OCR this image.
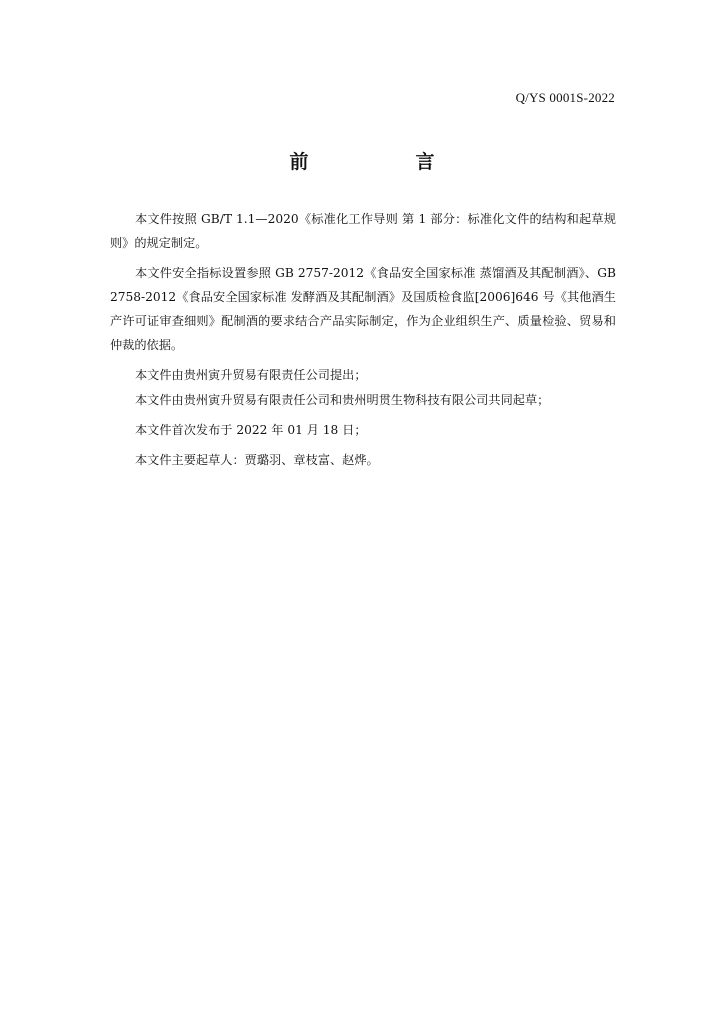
Q/YS 0001S-2022
前　言

本文件按照 GB/T 1.1—2020《标准化工作导则 第 1 部分：标准化文件的结构和起草规则》的规定制定。

本文件安全指标设置参照 GB 2757-2012《食品安全国家标准 蒸馏酒及其配制酒》、GB 2758-2012《食品安全国家标准 发酵酒及其配制酒》及国质检食监[2006]646 号《其他酒生产许可证审查细则》配制酒的要求结合产品实际制定，作为企业组织生产、质量检验、贸易和仲裁的依据。

本文件由贵州寅升贸易有限责任公司提出；

本文件由贵州寅升贸易有限责任公司和贵州明贯生物科技有限公司共同起草；

本文件首次发布于 2022 年 01 月 18 日；

本文件主要起草人：贾璐羽、章枝富、赵烨。
